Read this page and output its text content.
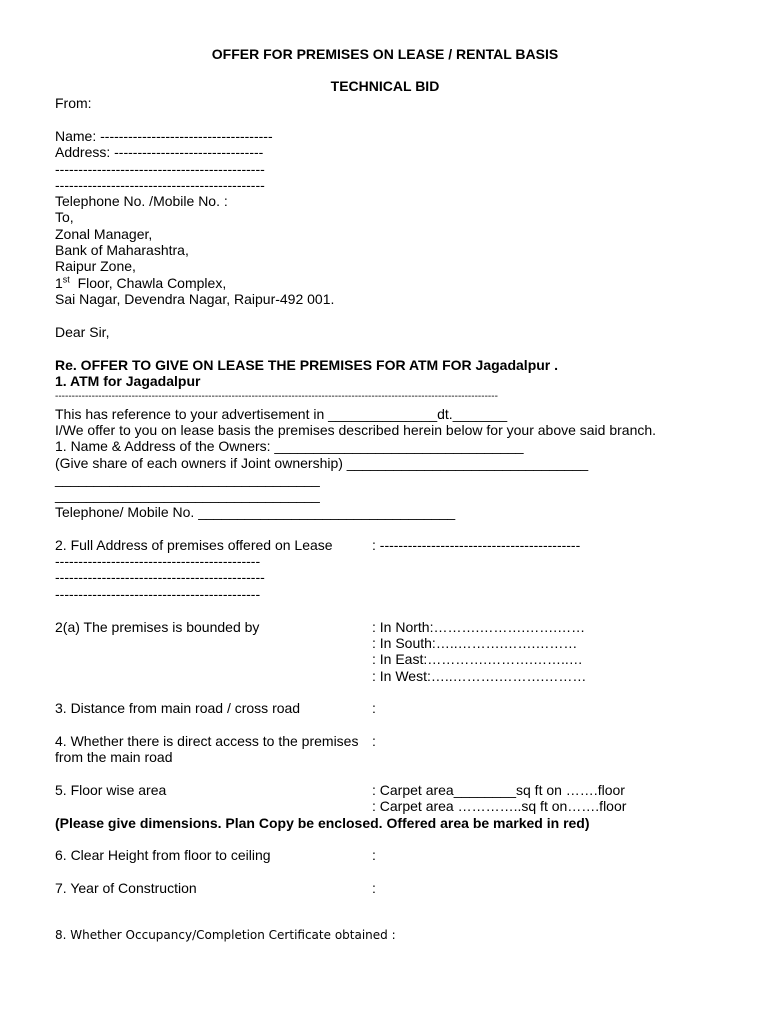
OFFER FOR PREMISES ON LEASE / RENTAL BASIS
TECHNICAL BID
From:
Name: -------------------------------------
Address: --------------------------------
---------------------------------------------
---------------------------------------------
Telephone No. /Mobile No. :
To,
Zonal Manager,
Bank of Maharashtra,
Raipur Zone,
1st  Floor, Chawla Complex,
Sai Nagar, Devendra Nagar, Raipur-492 001.
Dear Sir,
Re. OFFER TO GIVE ON LEASE THE PREMISES FOR ATM FOR Jagadalpur .
1. ATM for Jagadalpur
-------------------------------------------------------------------------------------------------------------------------------------
This has reference to your advertisement in ______________dt._______
I/We offer to you on lease basis the premises described herein below for your above said branch.
1. Name & Address of the Owners: ________________________________
(Give share of each owners if Joint ownership) _______________________________
__________________________________
__________________________________
Telephone/ Mobile No. _________________________________
2. Full Address of premises offered on Lease	: -------------------------------------------
--------------------------------------------
---------------------------------------------
--------------------------------------------
2(a) The premises is bounded by	: In North:……….……….…….……
: In South:…..……….…….………
: In East:………….……….……..…
: In West:…..……….……….………
3. Distance from main road / cross road	:
4. Whether there is direct access to the premises :
from the main road
5. Floor wise area	: Carpet area________sq ft on …….floor
: Carpet area …………..sq ft on…….floor
(Please give dimensions. Plan Copy be enclosed. Offered area be marked in red)
6. Clear Height from floor to ceiling	:
7. Year of Construction	:
8. Whether Occupancy/Completion Certificate obtained :
